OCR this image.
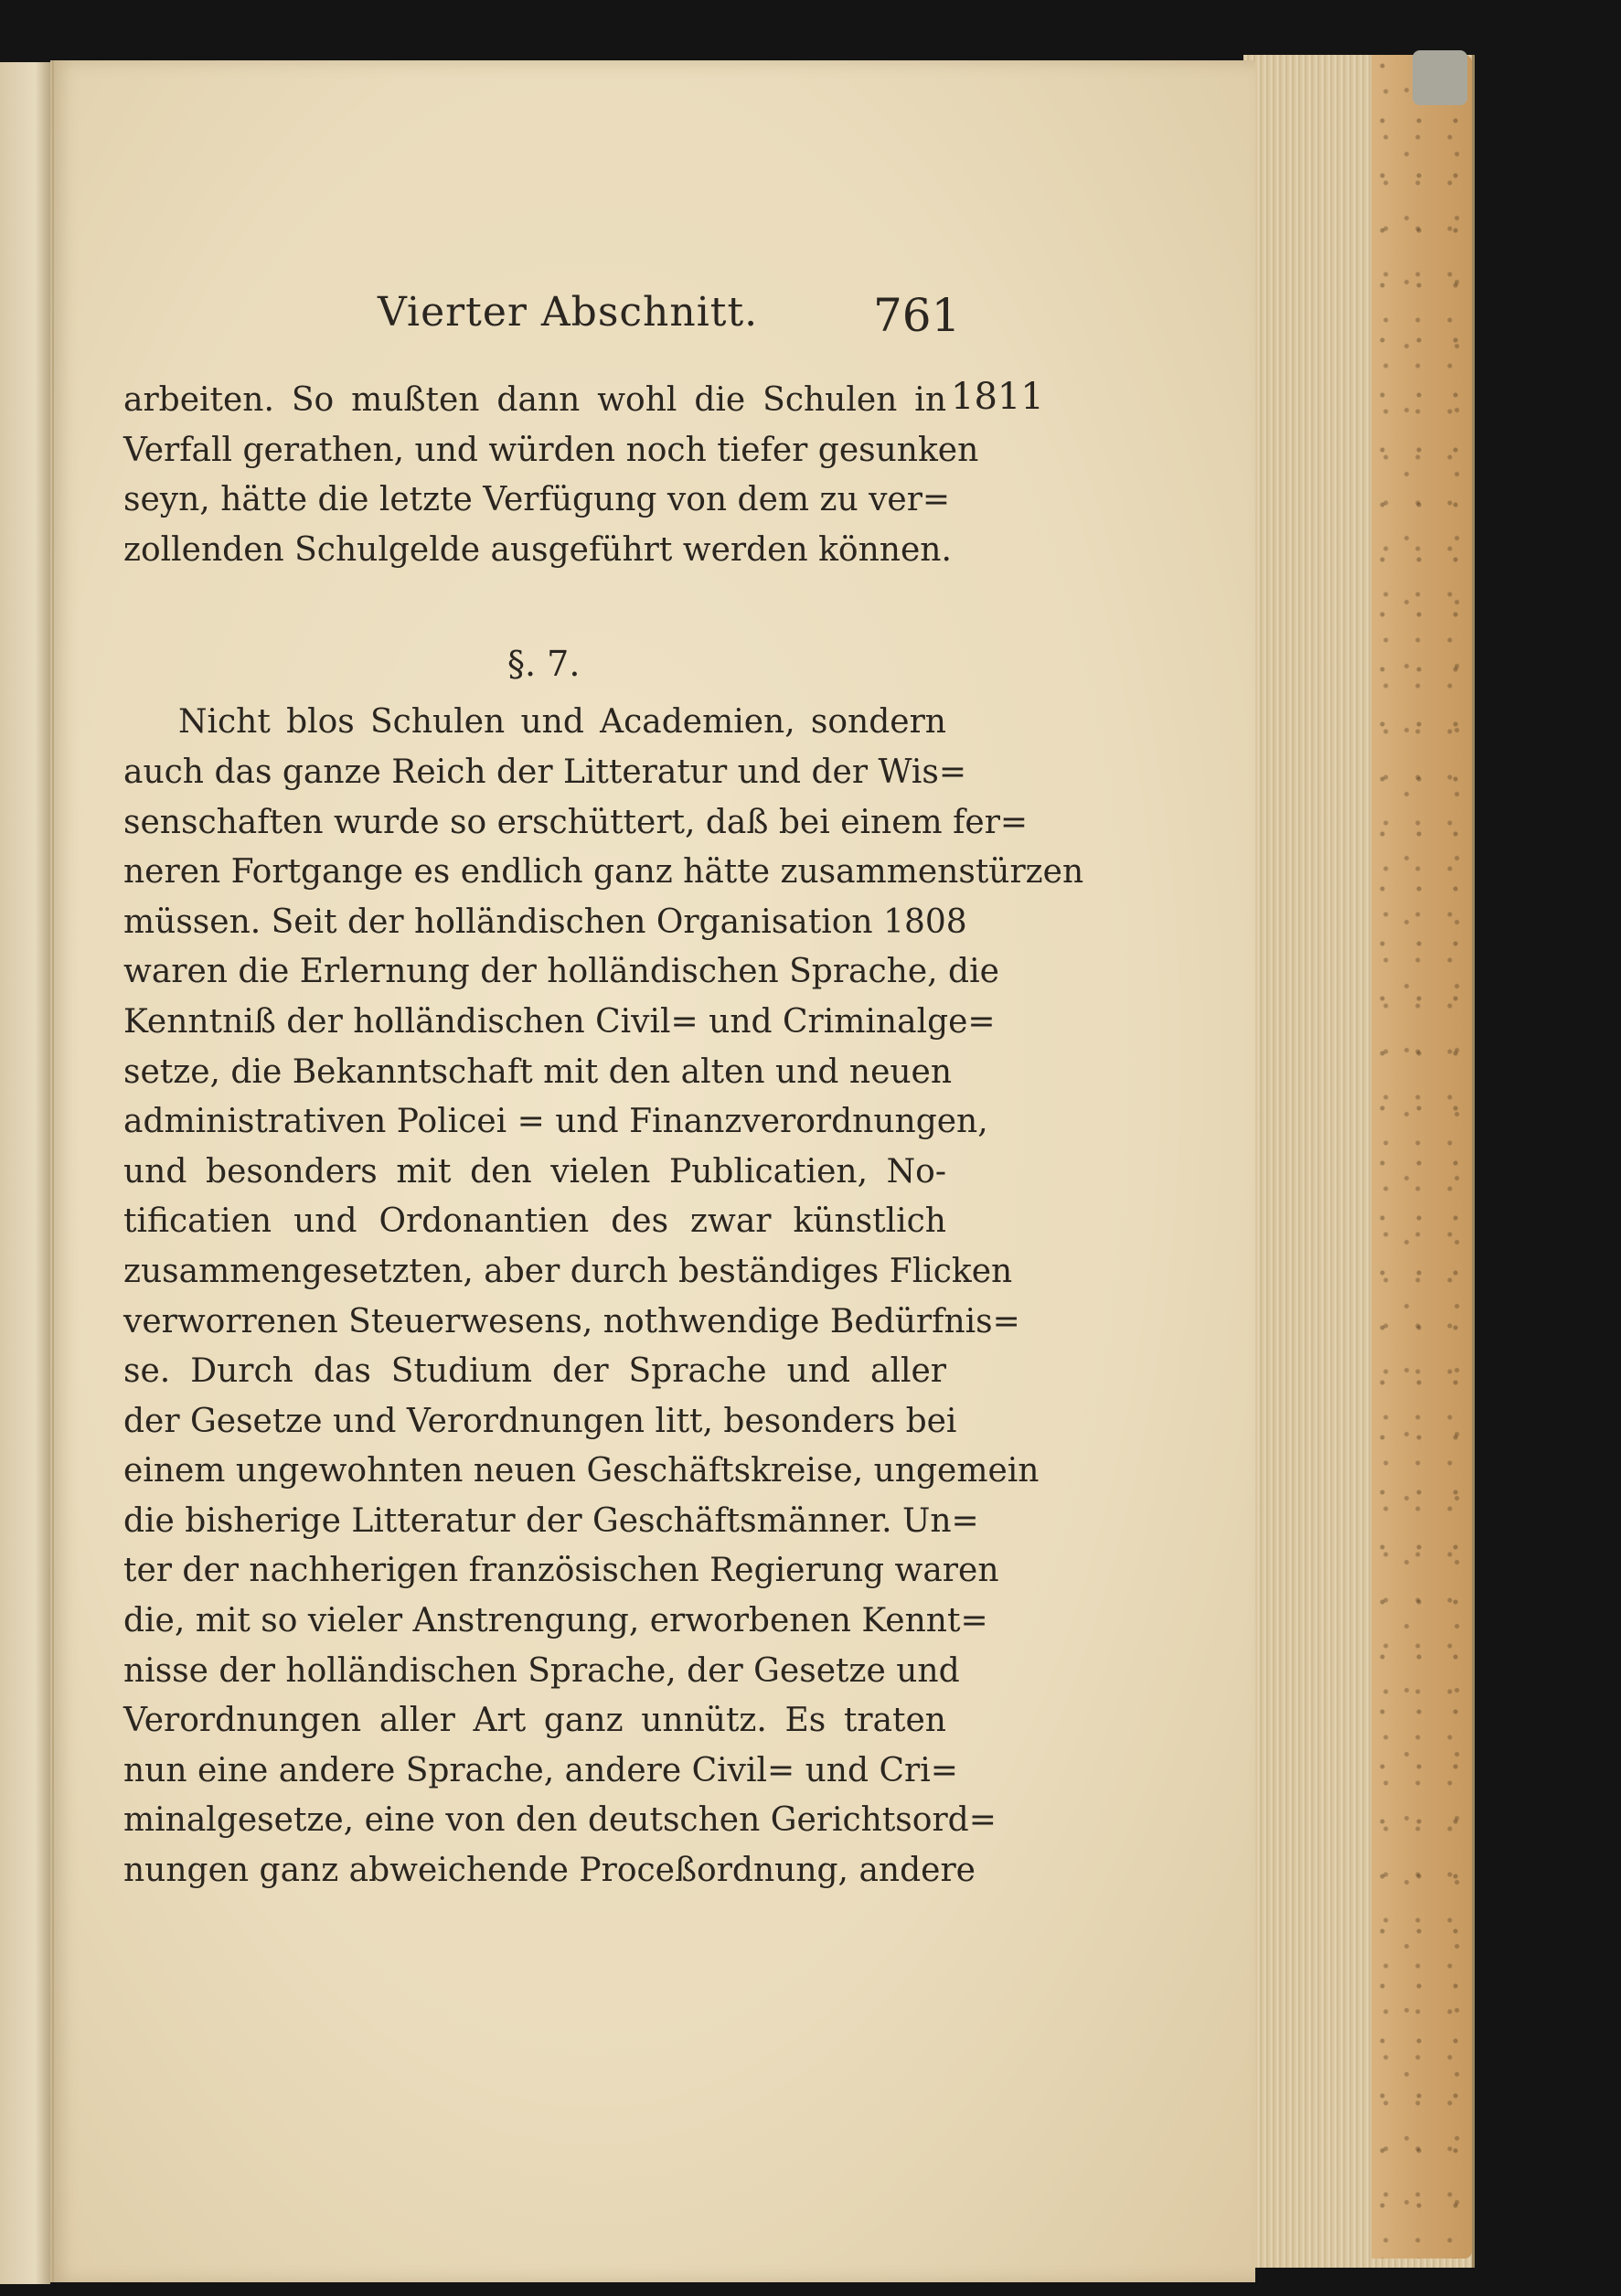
Vierter Abschnitt.	761
1811
arbeiten. So mußten dann wohl die Schulen in
Verfall gerathen, und würden noch tiefer gesunken
seyn, hätte die letzte Verfügung von dem zu ver=
zollenden Schulgelde ausgeführt werden können.
§. 7.
Nicht blos Schulen und Academien, sondern
auch das ganze Reich der Litteratur und der Wis=
senschaften wurde so erschüttert, daß bei einem fer=
neren Fortgange es endlich ganz hätte zusammenstürzen
müssen. Seit der holländischen Organisation 1808
waren die Erlernung der holländischen Sprache, die
Kenntniß der holländischen Civil= und Criminalge=
setze, die Bekanntschaft mit den alten und neuen
administrativen Policei = und Finanzverordnungen,
und besonders mit den vielen Publicatien, No-
tificatien und Ordonantien des zwar künstlich
zusammengesetzten, aber durch beständiges Flicken
verworrenen Steuerwesens, nothwendige Bedürfnis=
se. Durch das Studium der Sprache und aller
der Gesetze und Verordnungen litt, besonders bei
einem ungewohnten neuen Geschäftskreise, ungemein
die bisherige Litteratur der Geschäftsmänner. Un=
ter der nachherigen französischen Regierung waren
die, mit so vieler Anstrengung, erworbenen Kennt=
nisse der holländischen Sprache, der Gesetze und
Verordnungen aller Art ganz unnütz. Es traten
nun eine andere Sprache, andere Civil= und Cri=
minalgesetze, eine von den deutschen Gerichtsord=
nungen ganz abweichende Proceßordnung, andere
